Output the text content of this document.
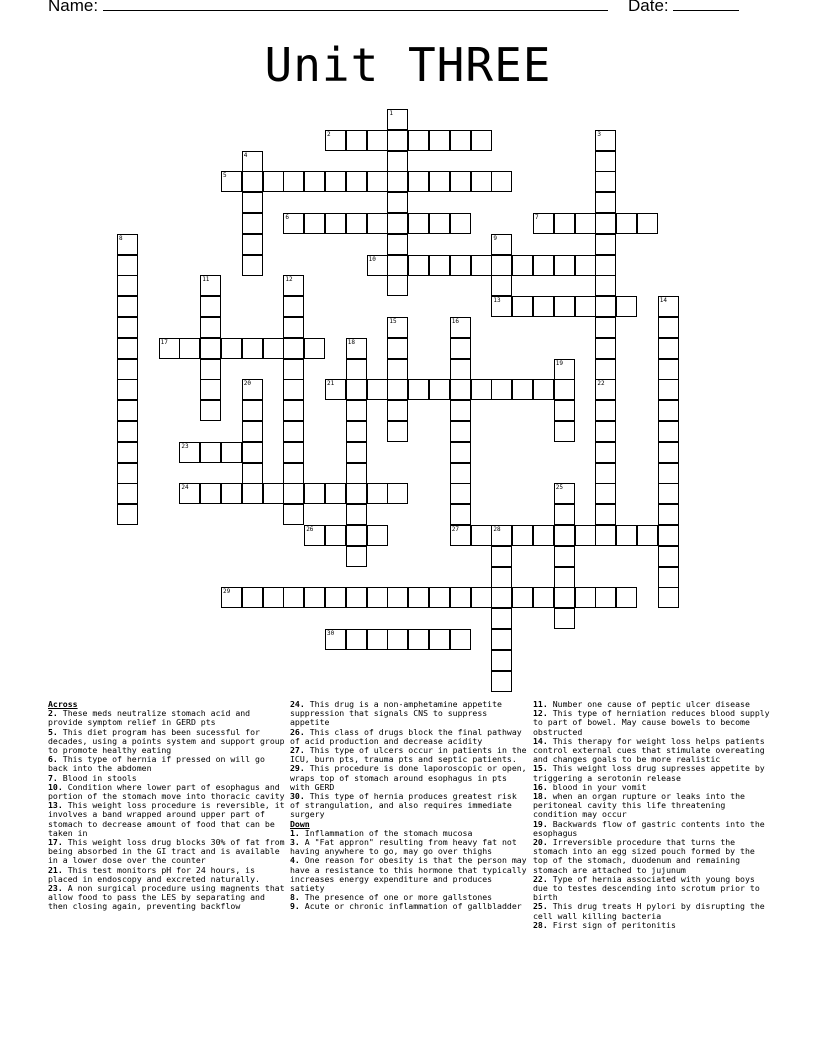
Name:	Date:
Unit THREE
2
5
6	7
10
13
17
21
23
24
26	27	28
29
30
1
3
4
8	9
11	12
14
15	16
18
19
20	22
25
Across
2. These meds neutralize stomach acid and provide symptom relief in GERD pts
5. This diet program has been sucessful for decades, using a points system and support group to promote healthy eating
6. This type of hernia if pressed on will go back into the abdomen
7. Blood in stools
10. Condition where lower part of esophagus and portion of the stomach move into thoracic cavity
13. This weight loss procedure is reversible, it involves a band wrapped around upper part of stomach to decrease amount of food that can be taken in
17. This weight loss drug blocks 30% of fat from being absorbed in the GI tract and is available in a lower dose over the counter
21. This test monitors pH for 24 hours, is placed in endoscopy and excreted naturally.
23. A non surgical procedure using magnents that allow food to pass the LES by separating and then closing again, preventing backflow
24. This drug is a non-amphetamine appetite suppression that signals CNS to suppress appetite
26. This class of drugs block the final pathway of acid production and decrease acidity
27. This type of ulcers occur in patients in the ICU, burn pts, trauma pts and septic patients.
29. This procedure is done laporoscopic or open, wraps top of stomach around esophagus in pts with GERD
30. This type of hernia produces greatest risk of strangulation, and also requires immediate surgery
Down
1. Inflammation of the stomach mucosa
3. A "Fat appron" resulting from heavy fat not having anywhere to go, may go over thighs
4. One reason for obesity is that the person may have a resistance to this hormone that typically increases energy expenditure and produces satiety
8. The presence of one or more gallstones
9. Acute or chronic inflammation of gallbladder
11. Number one cause of peptic ulcer disease
12. This type of herniation reduces blood supply to part of bowel. May cause bowels to become obstructed
14. This therapy for weight loss helps patients control external cues that stimulate overeating and changes goals to be more realistic
15. This weight loss drug supresses appetite by triggering a serotonin release
16. blood in your vomit
18. when an organ rupture or leaks into the peritoneal cavity this life threatening condition may occur
19. Backwards flow of gastric contents into the esophagus
20. Irreversible procedure that turns the stomach into an egg sized pouch formed by the top of the stomach, duodenum and remaining stomach are attached to jujunum
22. Type of hernia associated with young boys due to testes descending into scrotum prior to birth
25. This drug treats H pylori by disrupting the cell wall killing bacteria
28. First sign of peritonitis
